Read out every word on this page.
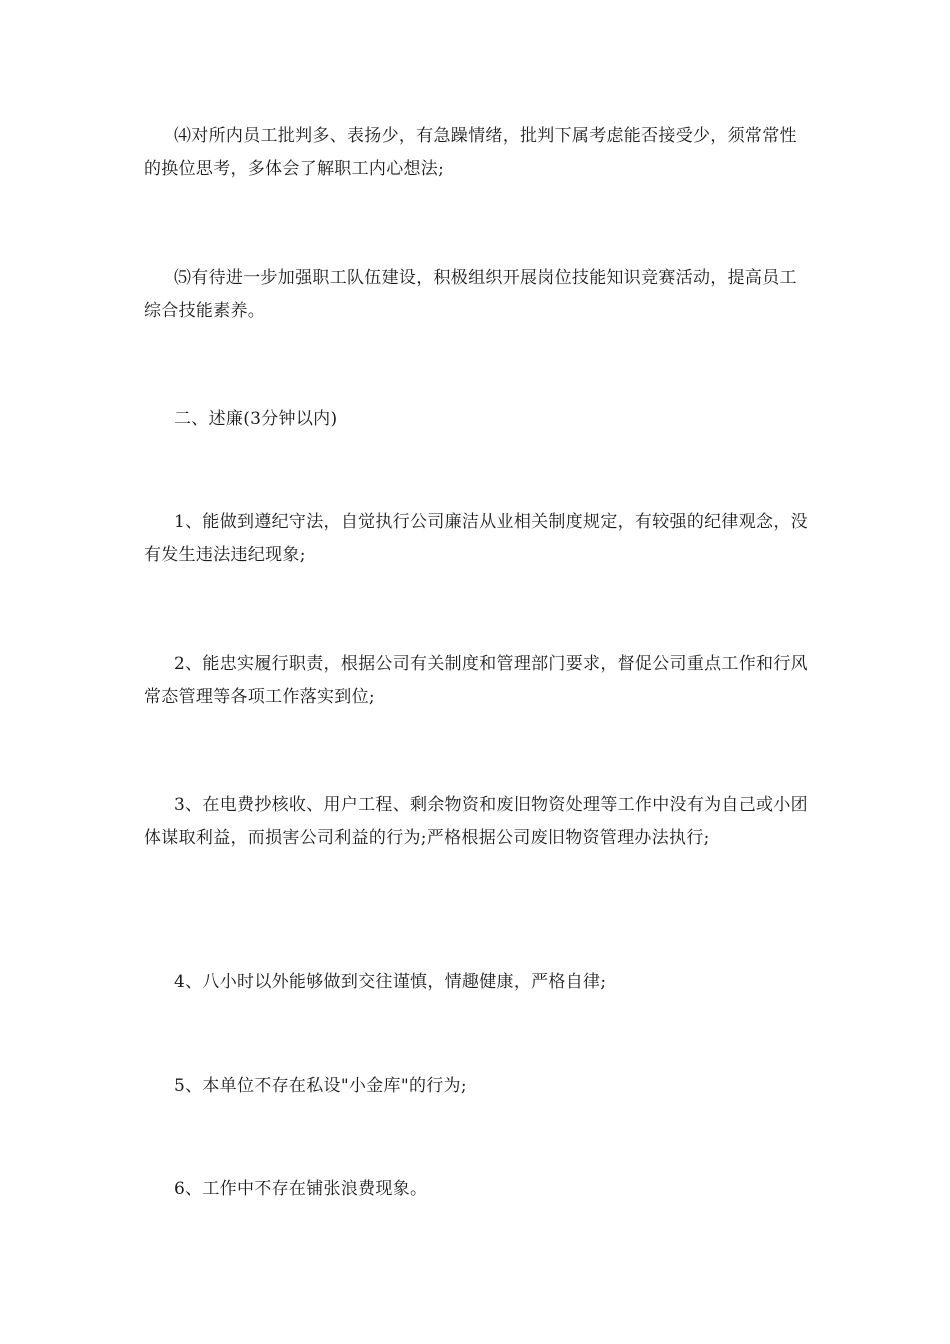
⑷对所内员工批判多、表扬少，有急躁情绪，批判下属考虑能否接受少，须常常性的换位思考，多体会了解职工内心想法;

⑸有待进一步加强职工队伍建设，积极组织开展岗位技能知识竞赛活动，提高员工综合技能素养。

二、述廉(3分钟以内)

1、能做到遵纪守法，自觉执行公司廉洁从业相关制度规定，有较强的纪律观念，没有发生违法违纪现象;

2、能忠实履行职责，根据公司有关制度和管理部门要求，督促公司重点工作和行风常态管理等各项工作落实到位;

3、在电费抄核收、用户工程、剩余物资和废旧物资处理等工作中没有为自己或小团体谋取利益，而损害公司利益的行为;严格根据公司废旧物资管理办法执行;

4、八小时以外能够做到交往谨慎，情趣健康，严格自律;

5、本单位不存在私设"小金库"的行为;

6、工作中不存在铺张浪费现象。
